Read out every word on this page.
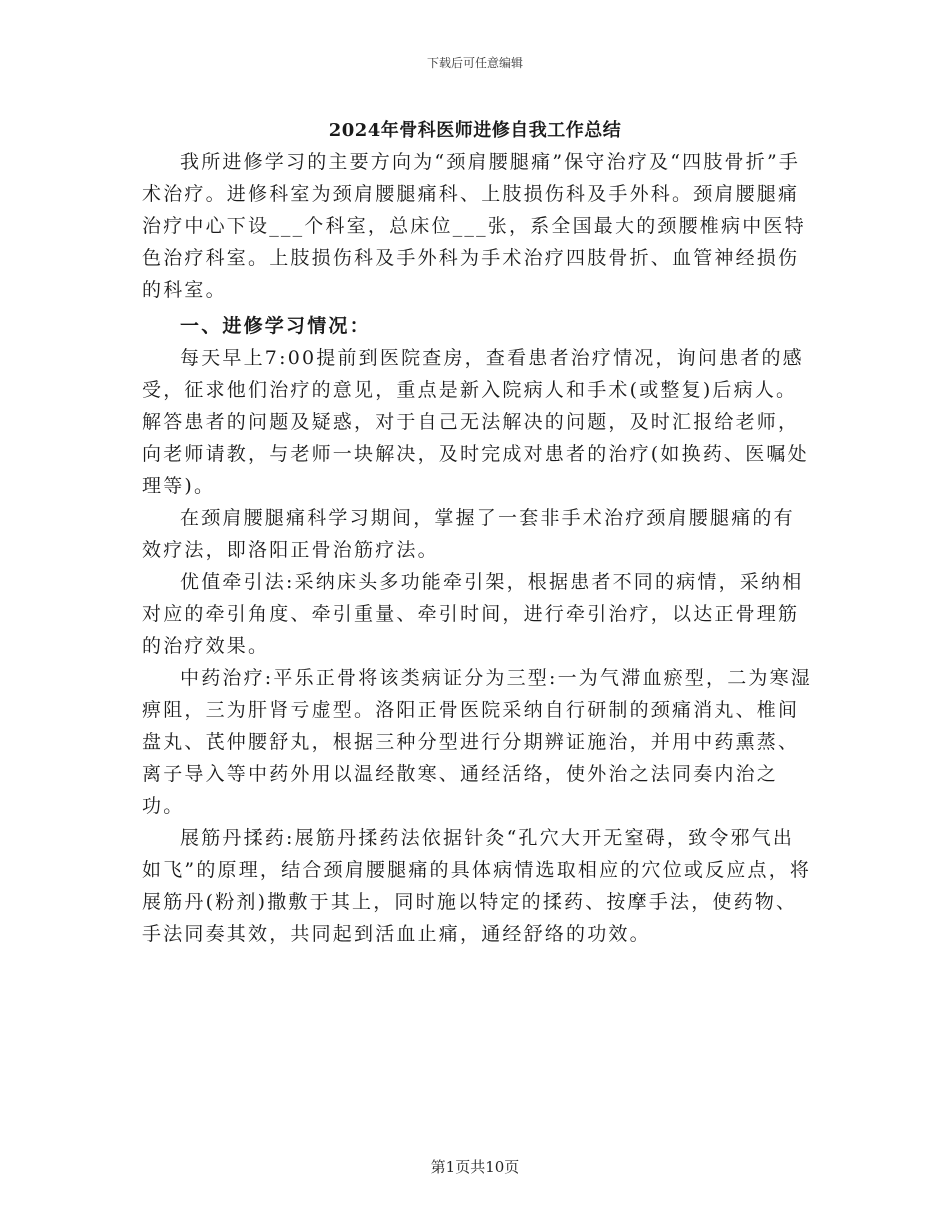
下载后可任意编辑
2024年骨科医师进修自我工作总结

我所进修学习的主要方向为“颈肩腰腿痛”保守治疗及“四肢骨折”手术治疗。进修科室为颈肩腰腿痛科、上肢损伤科及手外科。颈肩腰腿痛治疗中心下设___个科室，总床位___张，系全国最大的颈腰椎病中医特色治疗科室。上肢损伤科及手外科为手术治疗四肢骨折、血管神经损伤的科室。

一、进修学习情况：

每天早上7:00提前到医院查房，查看患者治疗情况，询问患者的感受，征求他们治疗的意见，重点是新入院病人和手术(或整复)后病人。解答患者的问题及疑惑，对于自己无法解决的问题，及时汇报给老师，向老师请教，与老师一块解决，及时完成对患者的治疗(如换药、医嘱处理等)。

在颈肩腰腿痛科学习期间，掌握了一套非手术治疗颈肩腰腿痛的有效疗法，即洛阳正骨治筋疗法。

优值牵引法:采纳床头多功能牵引架，根据患者不同的病情，采纳相对应的牵引角度、牵引重量、牵引时间，进行牵引治疗，以达正骨理筋的治疗效果。

中药治疗:平乐正骨将该类病证分为三型:一为气滞血瘀型，二为寒湿痹阻，三为肝肾亏虚型。洛阳正骨医院采纳自行研制的颈痛消丸、椎间盘丸、芪仲腰舒丸，根据三种分型进行分期辨证施治，并用中药熏蒸、离子导入等中药外用以温经散寒、通经活络，使外治之法同奏内治之功。

展筋丹揉药:展筋丹揉药法依据针灸“孔穴大开无窒碍，致令邪气出如飞”的原理，结合颈肩腰腿痛的具体病情选取相应的穴位或反应点，将展筋丹(粉剂)撒敷于其上，同时施以特定的揉药、按摩手法，使药物、手法同奏其效，共同起到活血止痛，通经舒络的功效。

第1页共10页
